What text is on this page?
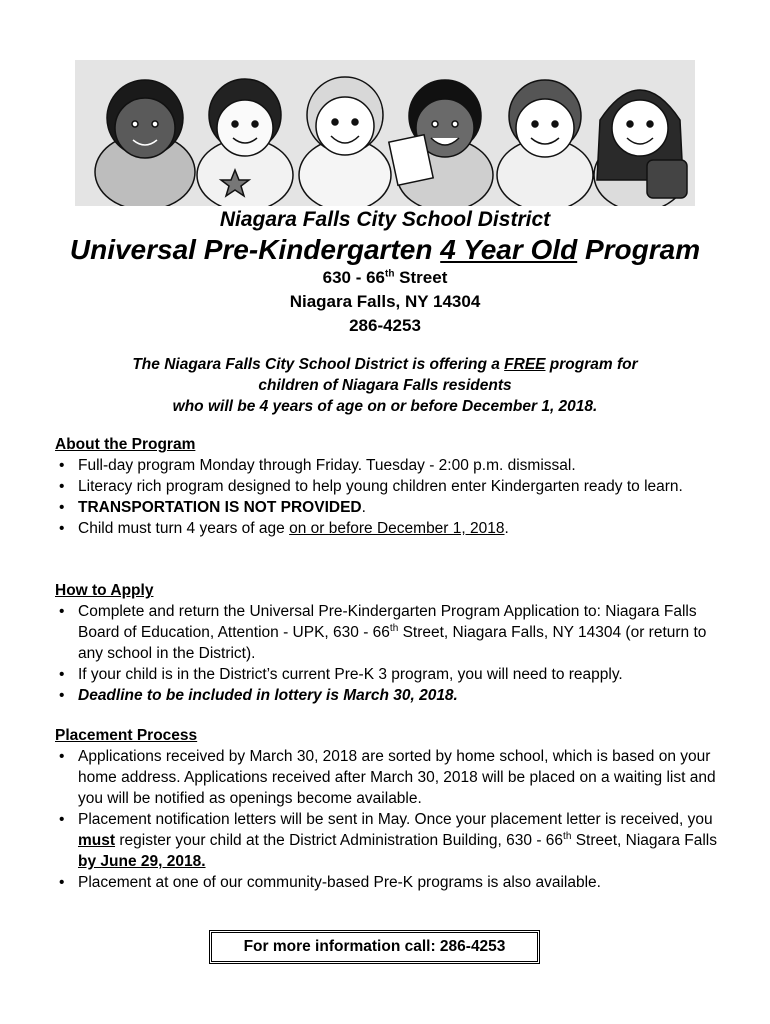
Niagara Falls City School District
Universal Pre-Kindergarten 4 Year Old Program
630 - 66th Street
Niagara Falls, NY 14304
286-4253
The Niagara Falls City School District is offering a FREE program for
children of Niagara Falls residents
who will be 4 years of age on or before December 1, 2018.
About the Program
• Full-day program Monday through Friday. Tuesday - 2:00 p.m. dismissal.
• Literacy rich program designed to help young children enter Kindergarten ready to learn.
• TRANSPORTATION IS NOT PROVIDED.
• Child must turn 4 years of age on or before December 1, 2018.
How to Apply
• Complete and return the Universal Pre-Kindergarten Program Application to: Niagara Falls Board of Education, Attention - UPK, 630 - 66th Street, Niagara Falls, NY 14304 (or return to any school in the District).
• If your child is in the District’s current Pre-K 3 program, you will need to reapply.
• Deadline to be included in lottery is March 30, 2018.
Placement Process
• Applications received by March 30, 2018 are sorted by home school, which is based on your home address. Applications received after March 30, 2018 will be placed on a waiting list and you will be notified as openings become available.
• Placement notification letters will be sent in May. Once your placement letter is received, you must register your child at the District Administration Building, 630 - 66th Street, Niagara Falls by June 29, 2018.
• Placement at one of our community-based Pre-K programs is also available.
For more information call: 286-4253
